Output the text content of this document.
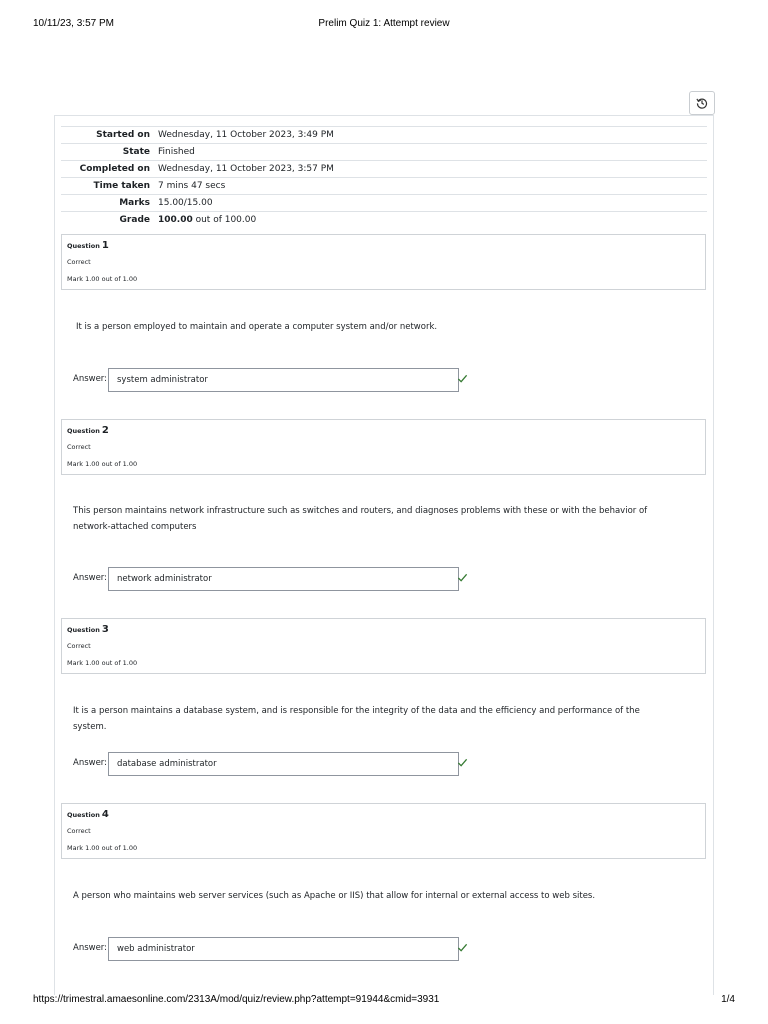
10/11/23, 3:57 PM	Prelim Quiz 1: Attempt review
Started on	Wednesday, 11 October 2023, 3:49 PM
State	Finished
Completed on	Wednesday, 11 October 2023, 3:57 PM
Time taken	7 mins 47 secs
Marks	15.00/15.00
Grade	100.00 out of 100.00
Question 1
Correct
Mark 1.00 out of 1.00
It is a person employed to maintain and operate a computer system and/or network.
Answer:	system administrator
Question 2
Correct
Mark 1.00 out of 1.00
This person maintains network infrastructure such as switches and routers, and diagnoses problems with these or with the behavior of network-attached computers
Answer:	network administrator
Question 3
Correct
Mark 1.00 out of 1.00
It is a person maintains a database system, and is responsible for the integrity of the data and the efficiency and performance of the system.
Answer:	database administrator
Question 4
Correct
Mark 1.00 out of 1.00
A person who maintains web server services (such as Apache or IIS) that allow for internal or external access to web sites.
Answer:	web administrator
https://trimestral.amaesonline.com/2313A/mod/quiz/review.php?attempt=91944&cmid=3931	1/4
